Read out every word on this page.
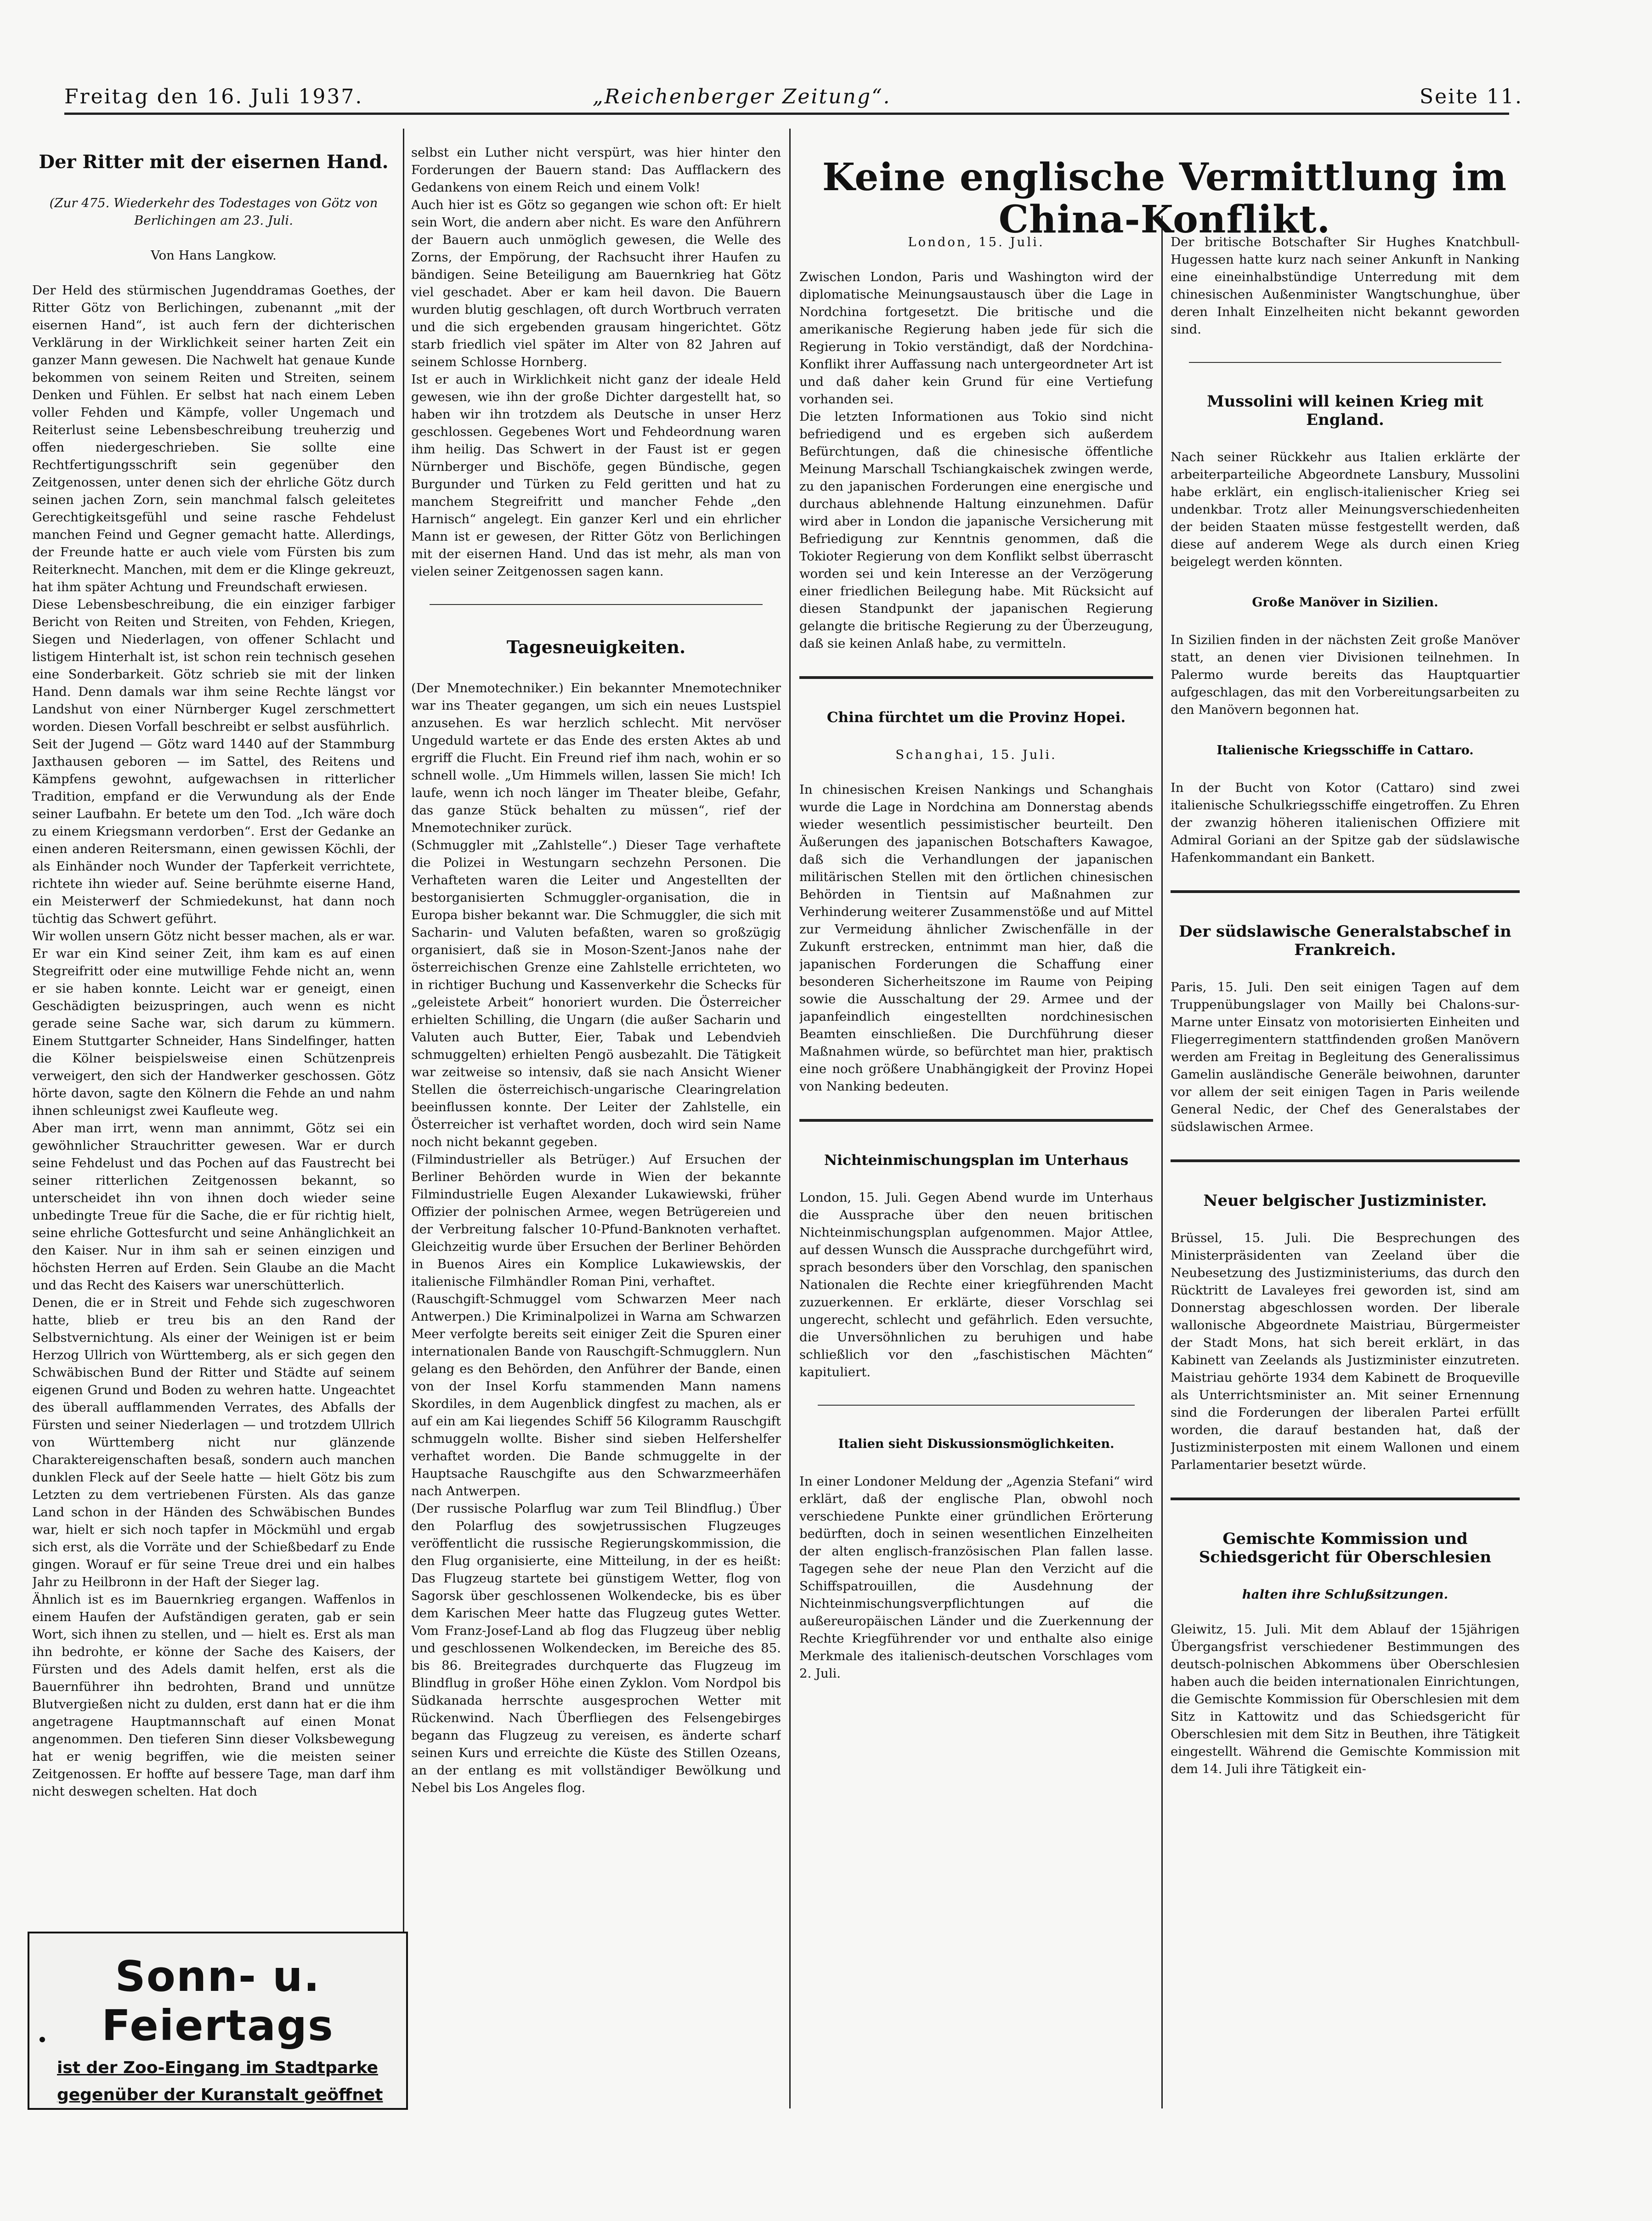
Freitag den 16. Juli 1937.	„Reichenberger Zeitung“.	Seite 11.

Der Ritter mit der eisernen Hand.

(Zur 475. Wiederkehr des Todestages von Götz von Berlichingen am 23. Juli.

Von Hans Langkow.

Der Held des stürmischen Jugenddramas Goethes, der Ritter Götz von Berlichingen, zubenannt „mit der eisernen Hand“, ist auch fern der dichterischen Verklärung in der Wirklichkeit seiner harten Zeit ein ganzer Mann gewesen. Die Nachwelt hat genaue Kunde bekommen von seinem Reiten und Streiten, seinem Denken und Fühlen. Er selbst hat nach einem Leben voller Fehden und Kämpfe, voller Ungemach und Reiterlust seine Lebensbeschreibung treuherzig und offen niedergeschrieben. Sie sollte eine Rechtfertigungsschrift sein gegenüber den Zeitgenossen, unter denen sich der ehrliche Götz durch seinen jachen Zorn, sein manchmal falsch geleitetes Gerechtigkeitsgefühl und seine rasche Fehdelust manchen Feind und Gegner gemacht hatte. Allerdings, der Freunde hatte er auch viele vom Fürsten bis zum Reiterknecht. Manchen, mit dem er die Klinge gekreuzt, hat ihm später Achtung und Freundschaft erwiesen.
Diese Lebensbeschreibung, die ein einziger farbiger Bericht von Reiten und Streiten, von Fehden, Kriegen, Siegen und Niederlagen, von offener Schlacht und listigem Hinterhalt ist, ist schon rein technisch gesehen eine Sonderbarkeit. Götz schrieb sie mit der linken Hand. Denn damals war ihm seine Rechte längst vor Landshut von einer Nürnberger Kugel zerschmettert worden. Diesen Vorfall beschreibt er selbst ausführlich.
Seit der Jugend — Götz ward 1440 auf der Stammburg Jaxthausen geboren — im Sattel, des Reitens und Kämpfens gewohnt, aufgewachsen in ritterlicher Tradition, empfand er die Verwundung als der Ende seiner Laufbahn. Er betete um den Tod. „Ich wäre doch zu einem Kriegsmann verdorben“. Erst der Gedanke an einen anderen Reitersmann, einen gewissen Köchli, der als Einhänder noch Wunder der Tapferkeit verrichtete, richtete ihn wieder auf. Seine berühmte eiserne Hand, ein Meisterwerf der Schmiedekunst, hat dann noch tüchtig das Schwert geführt.
Wir wollen unsern Götz nicht besser machen, als er war. Er war ein Kind seiner Zeit, ihm kam es auf einen Stegreifritt oder eine mutwillige Fehde nicht an, wenn er sie haben konnte. Leicht war er geneigt, einen Geschädigten beizuspringen, auch wenn es nicht gerade seine Sache war, sich darum zu kümmern. Einem Stuttgarter Schneider, Hans Sindelfinger, hatten die Kölner beispielsweise einen Schützenpreis verweigert, den sich der Handwerker geschossen. Götz hörte davon, sagte den Kölnern die Fehde an und nahm ihnen schleunigst zwei Kaufleute weg.
Aber man irrt, wenn man annimmt, Götz sei ein gewöhnlicher Strauchritter gewesen. War er durch seine Fehdelust und das Pochen auf das Faustrecht bei seiner ritterlichen Zeitgenossen bekannt, so unterscheidet ihn von ihnen doch wieder seine unbedingte Treue für die Sache, die er für richtig hielt, seine ehrliche Gottesfurcht und seine Anhänglichkeit an den Kaiser. Nur in ihm sah er seinen einzigen und höchsten Herren auf Erden. Sein Glaube an die Macht und das Recht des Kaisers war unerschütterlich.
Denen, die er in Streit und Fehde sich zugeschworen hatte, blieb er treu bis an den Rand der Selbstvernichtung. Als einer der Weinigen ist er beim Herzog Ullrich von Württemberg, als er sich gegen den Schwäbischen Bund der Ritter und Städte auf seinem eigenen Grund und Boden zu wehren hatte. Ungeachtet des überall aufflammenden Verrates, des Abfalls der Fürsten und seiner Niederlagen — und trotzdem Ullrich von Württemberg nicht nur glänzende Charaktereigenschaften besaß, sondern auch manchen dunklen Fleck auf der Seele hatte — hielt Götz bis zum Letzten zu dem vertriebenen Fürsten. Als das ganze Land schon in der Händen des Schwäbischen Bundes war, hielt er sich noch tapfer in Möckmühl und ergab sich erst, als die Vorräte und der Schießbedarf zu Ende gingen. Worauf er für seine Treue drei und ein halbes Jahr zu Heilbronn in der Haft der Sieger lag.
Ähnlich ist es im Bauernkrieg ergangen. Waffenlos in einem Haufen der Aufständigen geraten, gab er sein Wort, sich ihnen zu stellen, und — hielt es. Erst als man ihn bedrohte, er könne der Sache des Kaisers, der Fürsten und des Adels damit helfen, erst als die Bauernführer ihn bedrohten, Brand und unnütze Blutvergießen nicht zu dulden, erst dann hat er die ihm angetragene Hauptmannschaft auf einen Monat angenommen. Den tieferen Sinn dieser Volksbewegung hat er wenig begriffen, wie die meisten seiner Zeitgenossen. Er hoffte auf bessere Tage, man darf ihm nicht deswegen schelten. Hat doch

Sonn- u. Feiertags
ist der Zoo-Eingang im Stadtparke
gegenüber der Kuranstalt geöffnet

selbst ein Luther nicht verspürt, was hier hinter den Forderungen der Bauern stand: Das Aufflackern des Gedankens von einem Reich und einem Volk!
Auch hier ist es Götz so gegangen wie schon oft: Er hielt sein Wort, die andern aber nicht. Es ware den Anführern der Bauern auch unmöglich gewesen, die Welle des Zorns, der Empörung, der Rachsucht ihrer Haufen zu bändigen. Seine Beteiligung am Bauernkrieg hat Götz viel geschadet. Aber er kam heil davon. Die Bauern wurden blutig geschlagen, oft durch Wortbruch verraten und die sich ergebenden grausam hingerichtet. Götz starb friedlich viel später im Alter von 82 Jahren auf seinem Schlosse Hornberg.
Ist er auch in Wirklichkeit nicht ganz der ideale Held gewesen, wie ihn der große Dichter dargestellt hat, so haben wir ihn trotzdem als Deutsche in unser Herz geschlossen. Gegebenes Wort und Fehdeordnung waren ihm heilig. Das Schwert in der Faust ist er gegen Nürnberger und Bischöfe, gegen Bündische, gegen Burgunder und Türken zu Feld geritten und hat zu manchem Stegreifritt und mancher Fehde „den Harnisch“ angelegt. Ein ganzer Kerl und ein ehrlicher Mann ist er gewesen, der Ritter Götz von Berlichingen mit der eisernen Hand. Und das ist mehr, als man von vielen seiner Zeitgenossen sagen kann.

Tagesneuigkeiten.

(Der Mnemotechniker.) Ein bekannter Mnemotechniker war ins Theater gegangen, um sich ein neues Lustspiel anzusehen. Es war herzlich schlecht. Mit nervöser Ungeduld wartete er das Ende des ersten Aktes ab und ergriff die Flucht. Ein Freund rief ihm nach, wohin er so schnell wolle. „Um Himmels willen, lassen Sie mich! Ich laufe, wenn ich noch länger im Theater bleibe, Gefahr, das ganze Stück behalten zu müssen“, rief der Mnemotechniker zurück.
(Schmuggler mit „Zahlstelle“.) Dieser Tage verhaftete die Polizei in Westungarn sechzehn Personen. Die Verhafteten waren die Leiter und Angestellten der bestorganisierten Schmuggler-organisation, die in Europa bisher bekannt war. Die Schmuggler, die sich mit Sacharin- und Valuten befaßten, waren so großzügig organisiert, daß sie in Moson-Szent-Janos nahe der österreichischen Grenze eine Zahlstelle errichteten, wo in richtiger Buchung und Kassenverkehr die Schecks für „geleistete Arbeit“ honoriert wurden. Die Österreicher erhielten Schilling, die Ungarn (die außer Sacharin und Valuten auch Butter, Eier, Tabak und Lebendvieh schmuggelten) erhielten Pengö ausbezahlt. Die Tätigkeit war zeitweise so intensiv, daß sie nach Ansicht Wiener Stellen die österreichisch-ungarische Clearingrelation beeinflussen konnte. Der Leiter der Zahlstelle, ein Österreicher ist verhaftet worden, doch wird sein Name noch nicht bekannt gegeben.
(Filmindustrieller als Betrüger.) Auf Ersuchen der Berliner Behörden wurde in Wien der bekannte Filmindustrielle Eugen Alexander Lukawiewski, früher Offizier der polnischen Armee, wegen Betrügereien und der Verbreitung falscher 10-Pfund-Banknoten verhaftet. Gleichzeitig wurde über Ersuchen der Berliner Behörden in Buenos Aires ein Komplice Lukawiewskis, der italienische Filmhändler Roman Pini, verhaftet.
(Rauschgift-Schmuggel vom Schwarzen Meer nach Antwerpen.) Die Kriminalpolizei in Warna am Schwarzen Meer verfolgte bereits seit einiger Zeit die Spuren einer internationalen Bande von Rauschgift-Schmugglern. Nun gelang es den Behörden, den Anführer der Bande, einen von der Insel Korfu stammenden Mann namens Skordiles, in dem Augenblick dingfest zu machen, als er auf ein am Kai liegendes Schiff 56 Kilogramm Rauschgift schmuggeln wollte. Bisher sind sieben Helfershelfer verhaftet worden. Die Bande schmuggelte in der Hauptsache Rauschgifte aus den Schwarzmeerhäfen nach Antwerpen.
(Der russische Polarflug war zum Teil Blindflug.) Über den Polarflug des sowjetrussischen Flugzeuges veröffentlicht die russische Regierungskommission, die den Flug organisierte, eine Mitteilung, in der es heißt: Das Flugzeug startete bei günstigem Wetter, flog von Sagorsk über geschlossenen Wolkendecke, bis es über dem Karischen Meer hatte das Flugzeug gutes Wetter. Vom Franz-Josef-Land ab flog das Flugzeug über neblig und geschlossenen Wolkendecken, im Bereiche des 85. bis 86. Breitegrades durchquerte das Flugzeug im Blindflug in großer Höhe einen Zyklon. Vom Nordpol bis Südkanada herrschte ausgesprochen Wetter mit Rückenwind. Nach Überfliegen des Felsengebirges begann das Flugzeug zu vereisen, es änderte scharf seinen Kurs und erreichte die Küste des Stillen Ozeans, an der entlang es mit vollständiger Bewölkung und Nebel bis Los Angeles flog.

Keine englische Vermittlung im China-Konflikt.

London, 15. Juli.

Zwischen London, Paris und Washington wird der diplomatische Meinungsaustausch über die Lage in Nordchina fortgesetzt. Die britische und die amerikanische Regierung haben jede für sich die Regierung in Tokio verständigt, daß der Nordchina-Konflikt ihrer Auffassung nach untergeordneter Art ist und daß daher kein Grund für eine Vertiefung vorhanden sei.
Die letzten Informationen aus Tokio sind nicht befriedigend und es ergeben sich außerdem Befürchtungen, daß die chinesische öffentliche Meinung Marschall Tschiangkaischek zwingen werde, zu den japanischen Forderungen eine energische und durchaus ablehnende Haltung einzunehmen. Dafür wird aber in London die japanische Versicherung mit Befriedigung zur Kenntnis genommen, daß die Tokioter Regierung von dem Konflikt selbst überrascht worden sei und kein Interesse an der Verzögerung einer friedlichen Beilegung habe. Mit Rücksicht auf diesen Standpunkt der japanischen Regierung gelangte die britische Regierung zu der Überzeugung, daß sie keinen Anlaß habe, zu vermitteln.

China fürchtet um die Provinz Hopei.

Schanghai, 15. Juli.

In chinesischen Kreisen Nankings und Schanghais wurde die Lage in Nordchina am Donnerstag abends wieder wesentlich pessimistischer beurteilt. Den Äußerungen des japanischen Botschafters Kawagoe, daß sich die Verhandlungen der japanischen militärischen Stellen mit den örtlichen chinesischen Behörden in Tientsin auf Maßnahmen zur Verhinderung weiterer Zusammenstöße und auf Mittel zur Vermeidung ähnlicher Zwischenfälle in der Zukunft erstrecken, entnimmt man hier, daß die japanischen Forderungen die Schaffung einer besonderen Sicherheitszone im Raume von Peiping sowie die Ausschaltung der 29. Armee und der japanfeindlich eingestellten nordchinesischen Beamten einschließen. Die Durchführung dieser Maßnahmen würde, so befürchtet man hier, praktisch eine noch größere Unabhängigkeit der Provinz Hopei von Nanking bedeuten.

Nichteinmischungsplan im Unterhaus

London, 15. Juli. Gegen Abend wurde im Unterhaus die Aussprache über den neuen britischen Nichteinmischungsplan aufgenommen. Major Attlee, auf dessen Wunsch die Aussprache durchgeführt wird, sprach besonders über den Vorschlag, den spanischen Nationalen die Rechte einer kriegführenden Macht zuzuerkennen. Er erklärte, dieser Vorschlag sei ungerecht, schlecht und gefährlich. Eden versuchte, die Unversöhnlichen zu beruhigen und habe schließlich vor den „faschistischen Mächten“ kapituliert.

Italien sieht Diskussionsmöglichkeiten.

In einer Londoner Meldung der „Agenzia Stefani“ wird erklärt, daß der englische Plan, obwohl noch verschiedene Punkte einer gründlichen Erörterung bedürften, doch in seinen wesentlichen Einzelheiten der alten englisch-französischen Plan fallen lasse. Tagegen sehe der neue Plan den Verzicht auf die Schiffspatrouillen, die Ausdehnung der Nichteinmischungsverpflichtungen auf die außereuropäischen Länder und die Zuerkennung der Rechte Kriegführender vor und enthalte also einige Merkmale des italienisch-deutschen Vorschlages vom 2. Juli.

Der britische Botschafter Sir Hughes Knatchbull-Hugessen hatte kurz nach seiner Ankunft in Nanking eine eineinhalbstündige Unterredung mit dem chinesischen Außenminister Wangtschunghue, über deren Inhalt Einzelheiten nicht bekannt geworden sind.

Mussolini will keinen Krieg mit England.

Nach seiner Rückkehr aus Italien erklärte der arbeiterparteiliche Abgeordnete Lansbury, Mussolini habe erklärt, ein englisch-italienischer Krieg sei undenkbar. Trotz aller Meinungsverschiedenheiten der beiden Staaten müsse festgestellt werden, daß diese auf anderem Wege als durch einen Krieg beigelegt werden könnten.

Große Manöver in Sizilien.

In Sizilien finden in der nächsten Zeit große Manöver statt, an denen vier Divisionen teilnehmen. In Palermo wurde bereits das Hauptquartier aufgeschlagen, das mit den Vorbereitungsarbeiten zu den Manövern begonnen hat.

Italienische Kriegsschiffe in Cattaro.

In der Bucht von Kotor (Cattaro) sind zwei italienische Schulkriegsschiffe eingetroffen. Zu Ehren der zwanzig höheren italienischen Offiziere mit Admiral Goriani an der Spitze gab der südslawische Hafenkommandant ein Bankett.

Der südslawische Generalstabschef in Frankreich.

Paris, 15. Juli. Den seit einigen Tagen auf dem Truppenübungslager von Mailly bei Chalons-sur-Marne unter Einsatz von motorisierten Einheiten und Fliegerregimentern stattfindenden großen Manövern werden am Freitag in Begleitung des Generalissimus Gamelin ausländische Generäle beiwohnen, darunter vor allem der seit einigen Tagen in Paris weilende General Nedic, der Chef des Generalstabes der südslawischen Armee.

Neuer belgischer Justizminister.

Brüssel, 15. Juli. Die Besprechungen des Ministerpräsidenten van Zeeland über die Neubesetzung des Justizministeriums, das durch den Rücktritt de Lavaleyes frei geworden ist, sind am Donnerstag abgeschlossen worden. Der liberale wallonische Abgeordnete Maistriau, Bürgermeister der Stadt Mons, hat sich bereit erklärt, in das Kabinett van Zeelands als Justizminister einzutreten. Maistriau gehörte 1934 dem Kabinett de Broqueville als Unterrichtsminister an. Mit seiner Ernennung sind die Forderungen der liberalen Partei erfüllt worden, die darauf bestanden hat, daß der Justizministerposten mit einem Wallonen und einem Parlamentarier besetzt würde.

Gemischte Kommission und Schiedsgericht für Oberschlesien

halten ihre Schlußsitzungen.

Gleiwitz, 15. Juli. Mit dem Ablauf der 15jährigen Übergangsfrist verschiedener Bestimmungen des deutsch-polnischen Abkommens über Oberschlesien haben auch die beiden internationalen Einrichtungen, die Gemischte Kommission für Oberschlesien mit dem Sitz in Kattowitz und das Schiedsgericht für Oberschlesien mit dem Sitz in Beuthen, ihre Tätigkeit eingestellt. Während die Gemischte Kommission mit dem 14. Juli ihre Tätigkeit ein-
